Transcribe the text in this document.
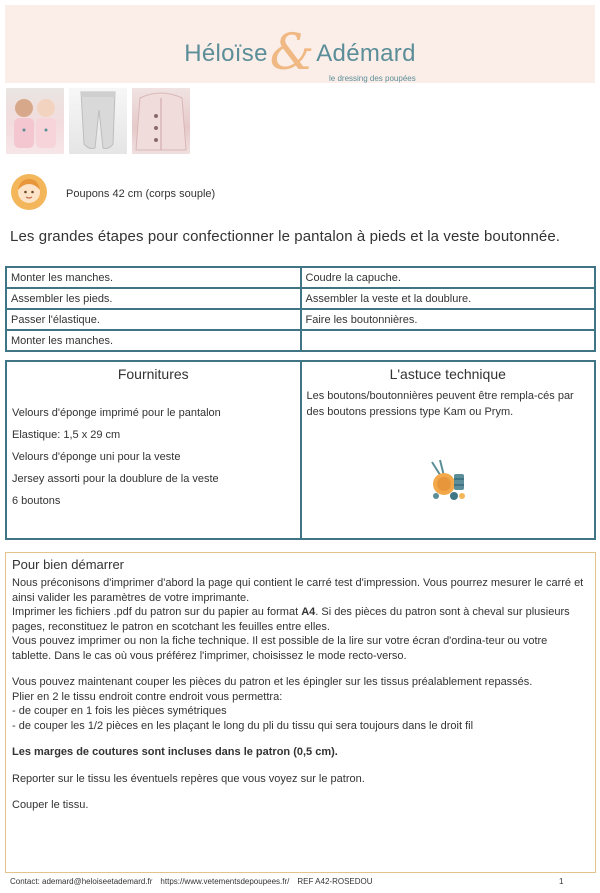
Héloïse & Adémard
le dressing des poupées
Poupons 42 cm (corps souple)
Les grandes étapes pour confectionner le pantalon à pieds et la veste boutonnée.
Monter les manches.	Coudre la capuche.
Assembler les pieds.	Assembler la veste et la doublure.
Passer l'élastique.	Faire les boutonnières.
Monter les manches.	
Fournitures
Velours d'éponge imprimé pour le pantalon
Elastique: 1,5 x 29 cm
Velours d'éponge uni pour la veste
Jersey assorti pour la doublure de la veste
6 boutons
L'astuce technique
Les boutons/boutonnières peuvent être rempla-cés par des boutons pressions type Kam ou Prym.
Pour bien démarrer

Nous préconisons d'imprimer d'abord la page qui contient le carré test d'impression. Vous pourrez mesurer le carré et ainsi valider les paramètres de votre imprimante.

Imprimer les fichiers .pdf du patron sur du papier au format A4. Si des pièces du patron sont à cheval sur plusieurs pages, reconstituez le patron en scotchant les feuilles entre elles.

Vous pouvez imprimer ou non la fiche technique. Il est possible de la lire sur votre écran d'ordina-teur ou votre tablette. Dans le cas où vous préférez l'imprimer, choisissez le mode recto-verso.

Vous pouvez maintenant couper les pièces du patron et les épingler sur les tissus préalablement repassés.

Plier en 2 le tissu endroit contre endroit vous permettra:

- de couper en 1 fois les pièces symétriques
- de couper les 1/2 pièces en les plaçant le long du pli du tissu qui sera toujours dans le droit fil

Les marges de coutures sont incluses dans le patron (0,5 cm).

Reporter sur le tissu les éventuels repères que vous voyez sur le patron.

Couper le tissu.

Contact: ademard@heloiseetademard.fr https://www.vetementsdepoupees.fr/ REF A42-ROSEDOU	1
